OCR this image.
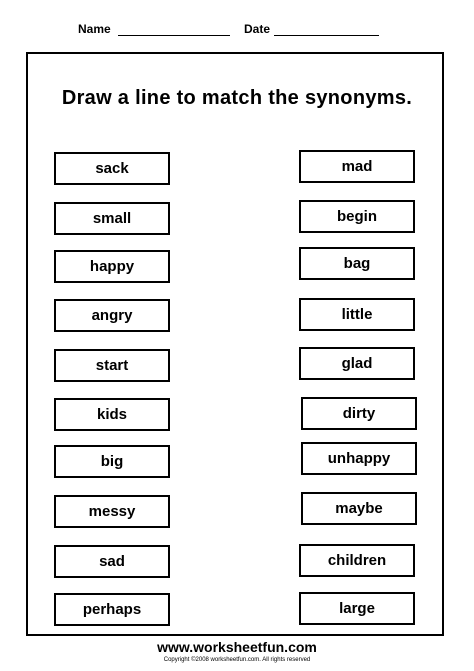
Name	Date
Draw a line to match the synonyms.
sack
small
happy
angry
start
kids
big
messy
sad
perhaps
mad
begin
bag
little
glad
dirty
unhappy
maybe
children
large
www.worksheetfun.com
Copyright ©2008 worksheetfun.com. All rights reserved
